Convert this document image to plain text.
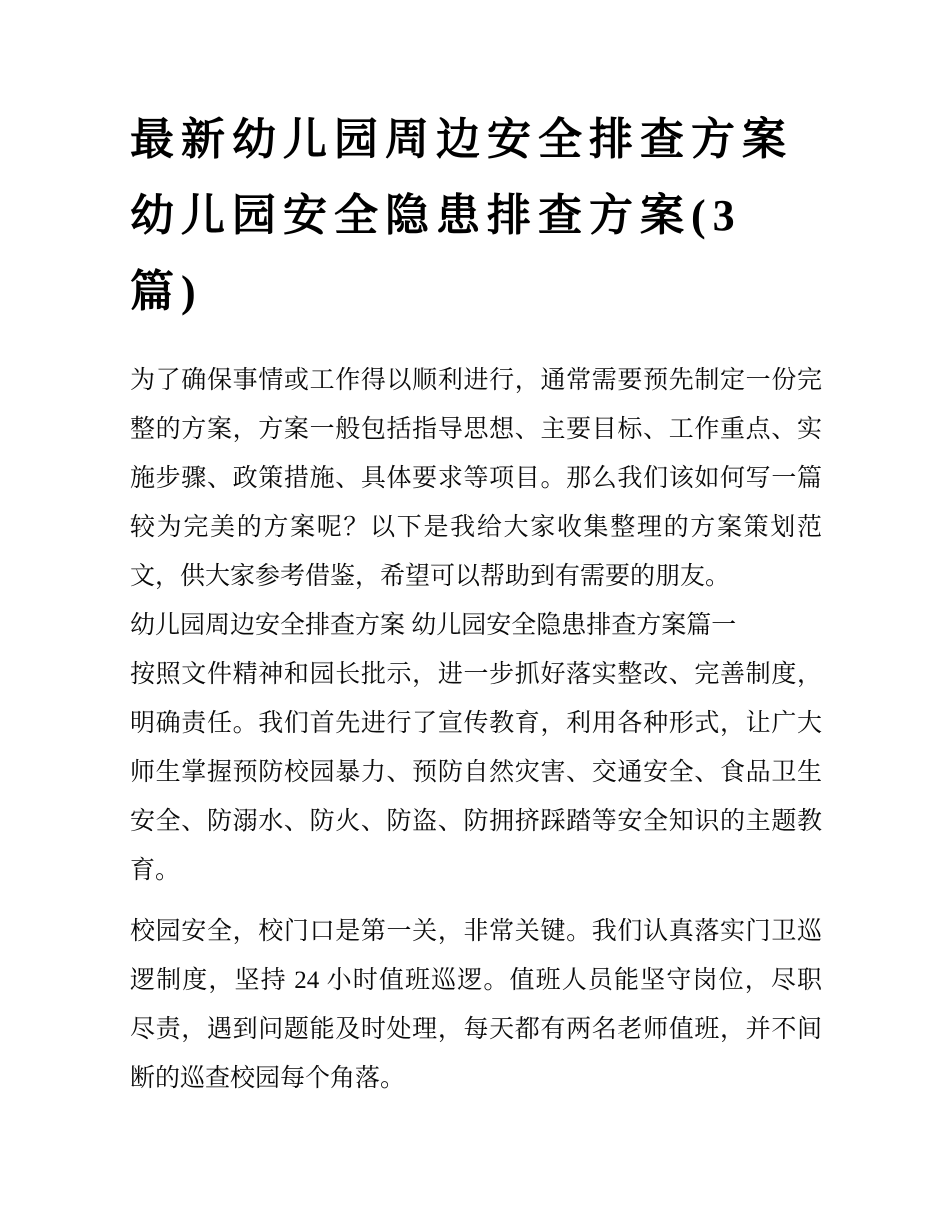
最新幼儿园周边安全排查方案
幼儿园安全隐患排查方案(3
篇)
为了确保事情或工作得以顺利进行，通常需要预先制定一份完
整的方案，方案一般包括指导思想、主要目标、工作重点、实
施步骤、政策措施、具体要求等项目。那么我们该如何写一篇
较为完美的方案呢？以下是我给大家收集整理的方案策划范
文，供大家参考借鉴，希望可以帮助到有需要的朋友。
幼儿园周边安全排查方案 幼儿园安全隐患排查方案篇一
按照文件精神和园长批示，进一步抓好落实整改、完善制度，
明确责任。我们首先进行了宣传教育，利用各种形式，让广大
师生掌握预防校园暴力、预防自然灾害、交通安全、食品卫生
安全、防溺水、防火、防盗、防拥挤踩踏等安全知识的主题教
育。
校园安全，校门口是第一关，非常关键。我们认真落实门卫巡
逻制度，坚持 24 小时值班巡逻。值班人员能坚守岗位，尽职
尽责，遇到问题能及时处理，每天都有两名老师值班，并不间
断的巡查校园每个角落。
